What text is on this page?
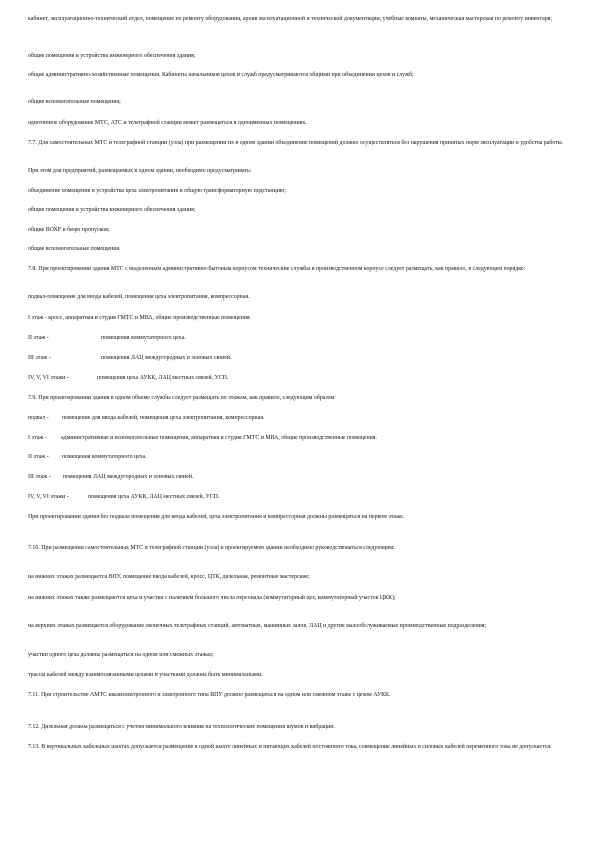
кабинет, эксплуатационно-технический отдел, помещение по ремонту оборудования, архив эксплуатационной и технической документации, учебные комнаты, механическая мастерская по ремонту инвентаря;

общие помещения и устройства инженерного обеспечения здания;

общие административно-хозяйственные помещения. Кабинеты начальников цехов и служб предусматриваются общими при объединении цехов и служб;

общие вспомогательные помещения;

однотипное оборудование МТС, АТС и телеграфной станции может размещаться в одноименных помещениях.

7.7. Для самостоятельных МТС и телеграфной станции (узла) при размещении их в одном здании объединение помещений должно осуществляться без нарушения принятых норм эксплуатации и удобства работы.

При этом для предприятий, размещаемых в одном здании, необходимо предусматривать:

объединение помещения и устройства цеха электропитания и общую трансформаторную подстанцию;

общие помещения и устройства инженерного обеспечения здания;

общие ВОХР и бюро пропусков;

общие вспомогательные помещения.

7.8. При проектировании здания МТС с выделенным административно-бытовым корпусом технические службы в производственном корпусе следует размещать, как правило, в следующем порядке:

подвал-помещение для ввода кабелей, помещения цеха электропитания, компрессорная.

I этаж - кросс, аппаратная и студия ГМТС и МВА, общие производственные помещения.

II этаж -	помещения коммутаторного цеха.
III этаж -	помещения ЛАЦ междугородных и зоновых связей.
IV, V, VI этажи -	помещения цеха АУКК, ЛАЦ местных связей, УСП.

7.9. При проектировании здания в одном объеме службы следует размещать по этажам, как правило, следующим образом:

подвал - помещение для ввода кабелей, помещения цеха электропитания, компрессорная.
I этаж - административные и вспомогательные помещения, аппаратная и студия ГМТС и МВА, общие производственные помещения.
II этаж - помещения коммутаторного цеха.
III этаж - помещения ЛАЦ междугородных и зоновых связей.
IV, V, VI этажи -	помещения цеха АУКК, ЛАЦ местных связей, УСП.

При проектировании здания без подвала помещения для ввода кабелей, цеха электропитания и компрессорная должны размещаться на первом этаже.

7.10. При размещении самостоятельных МТС и телеграфной станции (узла) в проектируемом здании необходимо руководствоваться следующим:

на нижних этажах размещается ВПУ, помещение ввода кабелей, кросс, ЦТК, дизельная, ремонтные мастерские;

на нижних этажах также размещаются цеха и участки с наличием большого числа персонала (коммутаторный цех, коммутаторный участок ЦКК);

на верхних этажах размещается оборудование оконечных телеграфных станций, автоматных, машинных залов, ЛАЦ и другие малообслуживаемые производственные подразделения;

участки одного цеха должны размещаться на одном или смежных этажах;

трассы кабелей между взаимосвязанными цехами и участками должны быть минимальными.

7.11. При строительстве АМТС квазиэлектронного и электронного типа ВПУ должно размещаться на одном или смежном этаже с цехом АУКК.

7.12. Дизельная должна размещаться с учетом минимального влияния на технологические помещения шумов и вибрации.

7.13. В вертикальных кабельных шахтах допускается размещение в одной шахте линейных и питающих кабелей постоянного тока, совмещение линейных и силовых кабелей переменного тока не допускается.
